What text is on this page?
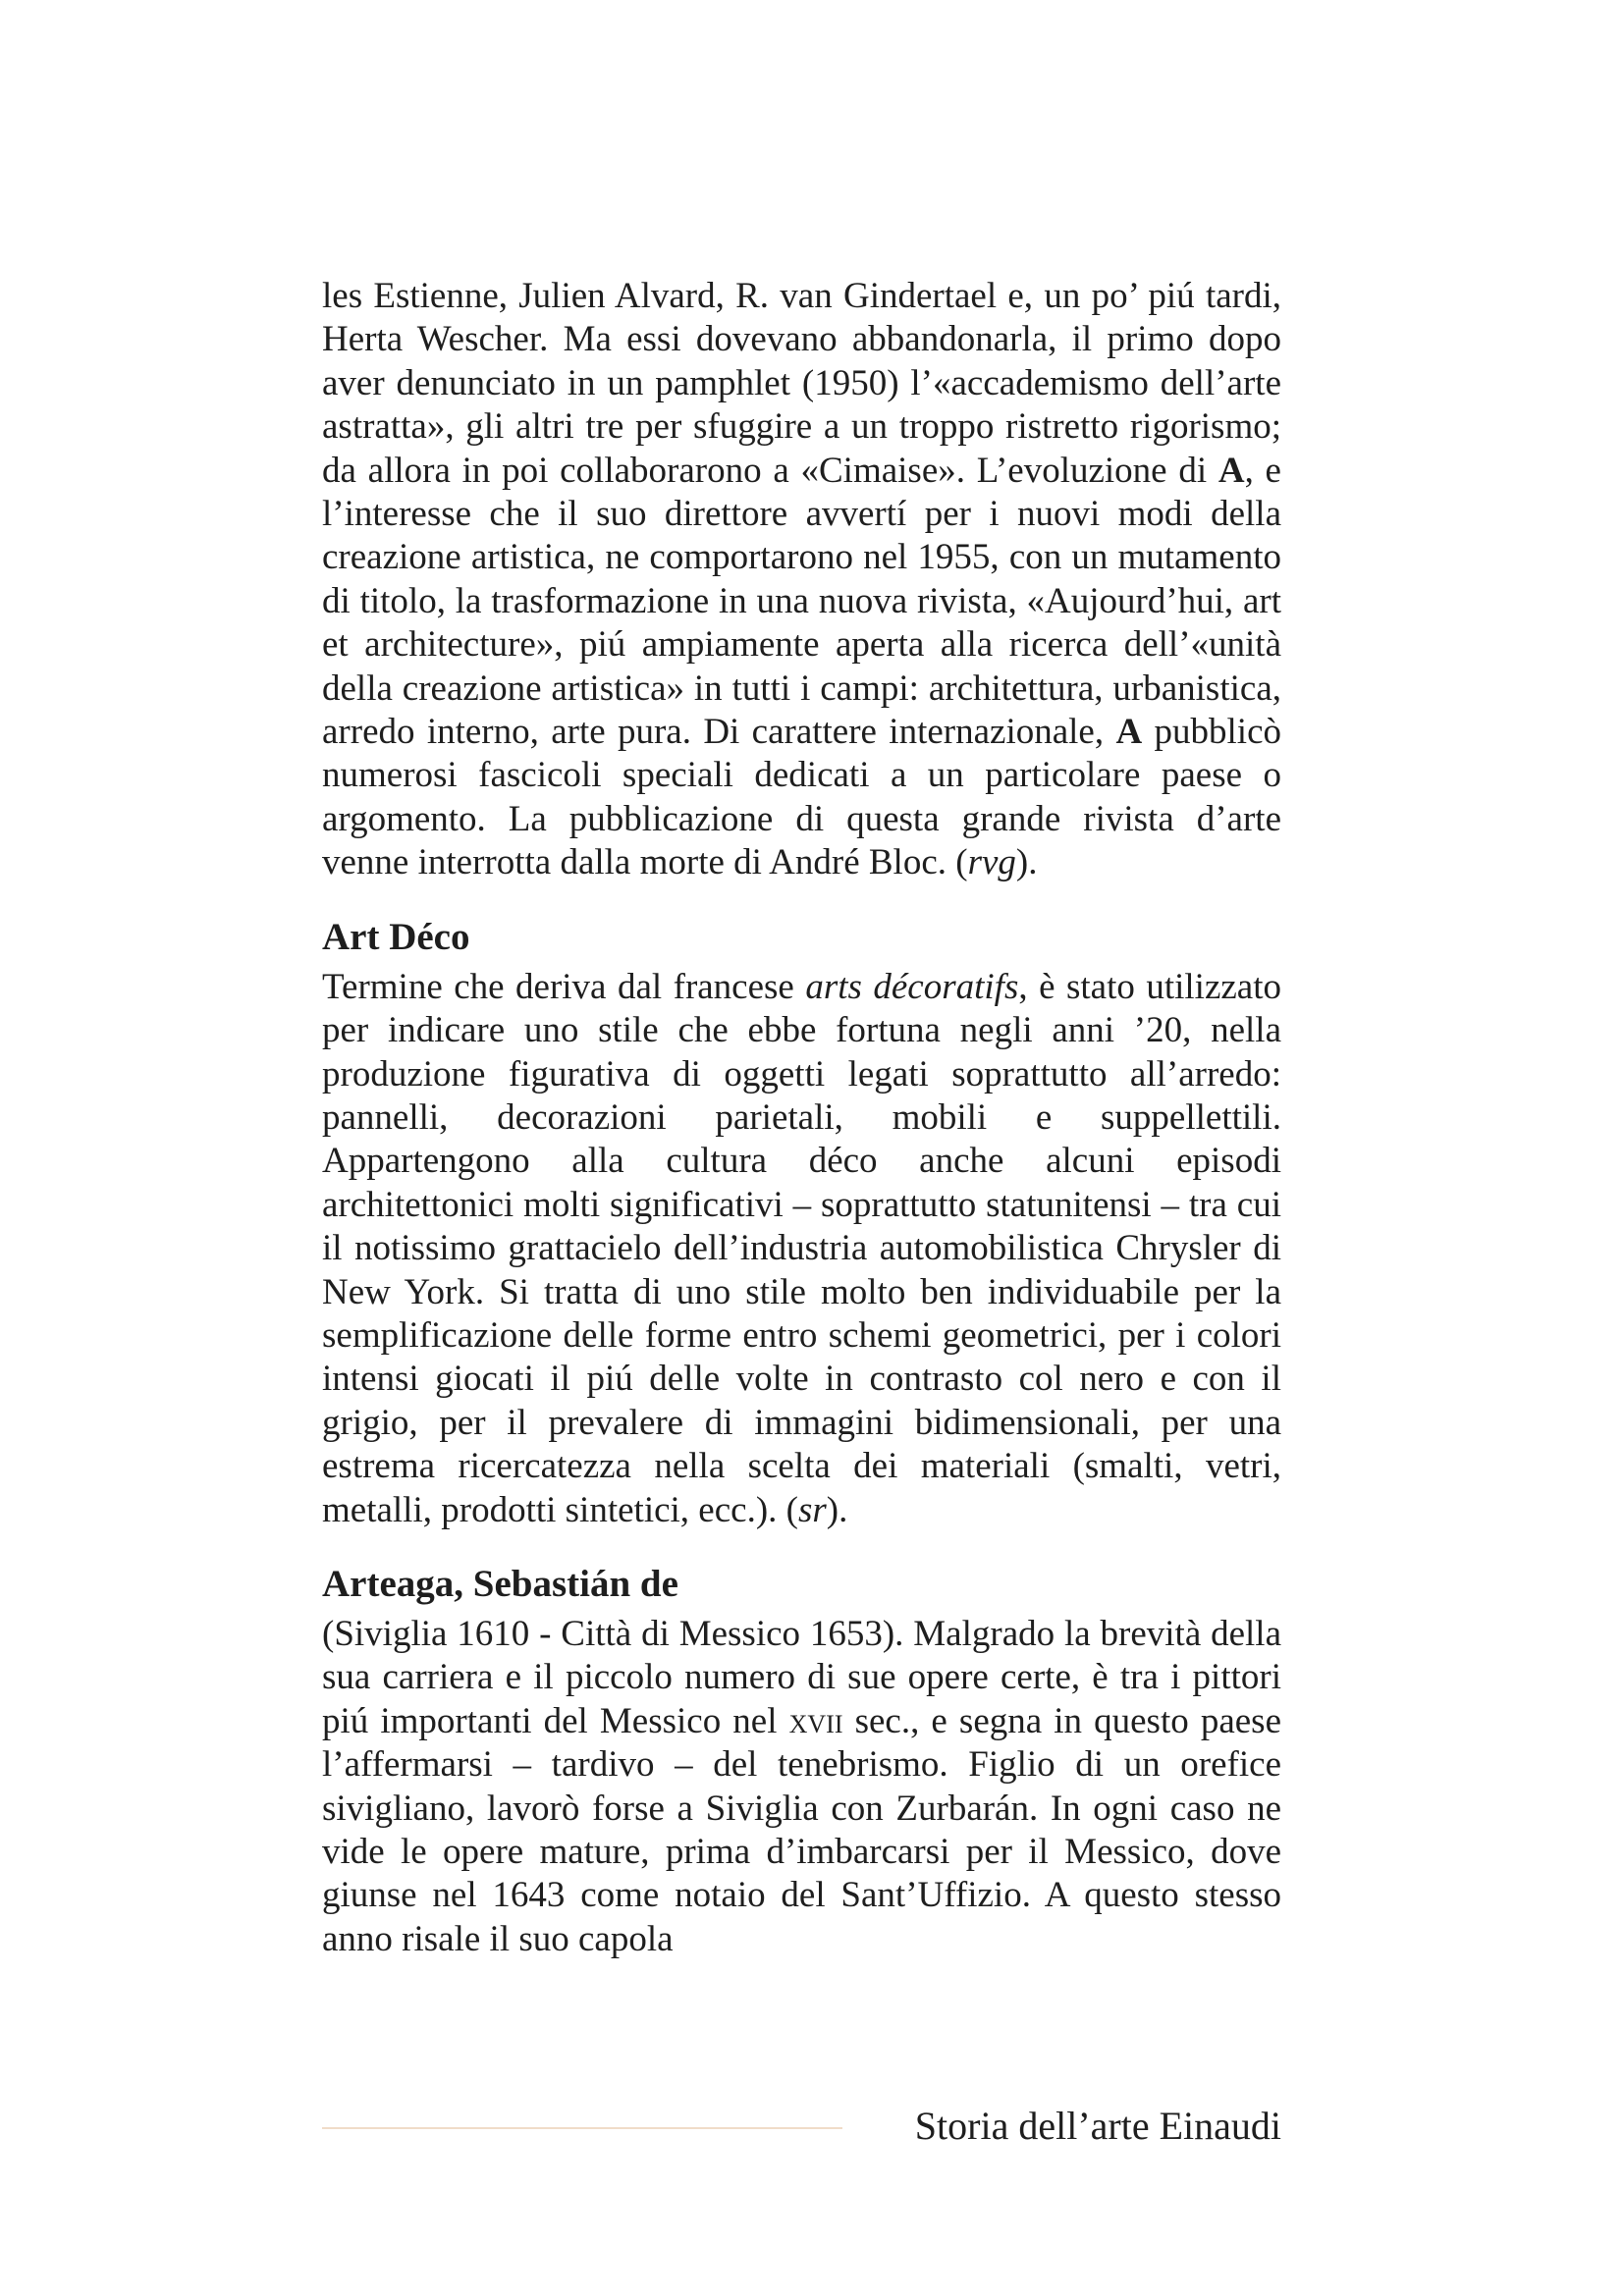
les Estienne, Julien Alvard, R. van Gindertael e, un po’ piú tardi, Herta Wescher. Ma essi dovevano abbandonarla, il primo dopo aver denunciato in un pamphlet (1950) l’«accademismo dell’arte astratta», gli altri tre per sfuggire a un troppo ristretto rigorismo; da allora in poi collaborarono a «Cimaise». L’evoluzione di A, e l’interesse che il suo direttore avvertí per i nuovi modi della creazione artistica, ne comportarono nel 1955, con un mutamento di titolo, la trasformazione in una nuova rivista, «Aujourd’hui, art et architecture», piú ampiamente aperta alla ricerca dell’«unità della creazione artistica» in tutti i campi: architettura, urbanistica, arredo interno, arte pura. Di carattere internazionale, A pubblicò numerosi fascicoli speciali dedicati a un particolare paese o argomento. La pubblicazione di questa grande rivista d’arte venne interrotta dalla morte di André Bloc. (rvg).

Art Déco

Termine che deriva dal francese arts décoratifs, è stato utilizzato per indicare uno stile che ebbe fortuna negli anni ’20, nella produzione figurativa di oggetti legati soprattutto all’arredo: pannelli, decorazioni parietali, mobili e suppellettili. Appartengono alla cultura déco anche alcuni episodi architettonici molti significativi – soprattutto statunitensi – tra cui il notissimo grattacielo dell’industria automobilistica Chrysler di New York. Si tratta di uno stile molto ben individuabile per la semplificazione delle forme entro schemi geometrici, per i colori intensi giocati il piú delle volte in contrasto col nero e con il grigio, per il prevalere di immagini bidimensionali, per una estrema ricercatezza nella scelta dei materiali (smalti, vetri, metalli, prodotti sintetici, ecc.). (sr).

Arteaga, Sebastián de

(Siviglia 1610 - Città di Messico 1653). Malgrado la brevità della sua carriera e il piccolo numero di sue opere certe, è tra i pittori piú importanti del Messico nel xvii sec., e segna in questo paese l’affermarsi – tardivo – del tenebrismo. Figlio di un orefice sivigliano, lavorò forse a Siviglia con Zurbarán. In ogni caso ne vide le opere mature, prima d’imbarcarsi per il Messico, dove giunse nel 1643 come notaio del Sant’Uffizio. A questo stesso anno risale il suo capola

Storia dell’arte Einaudi
